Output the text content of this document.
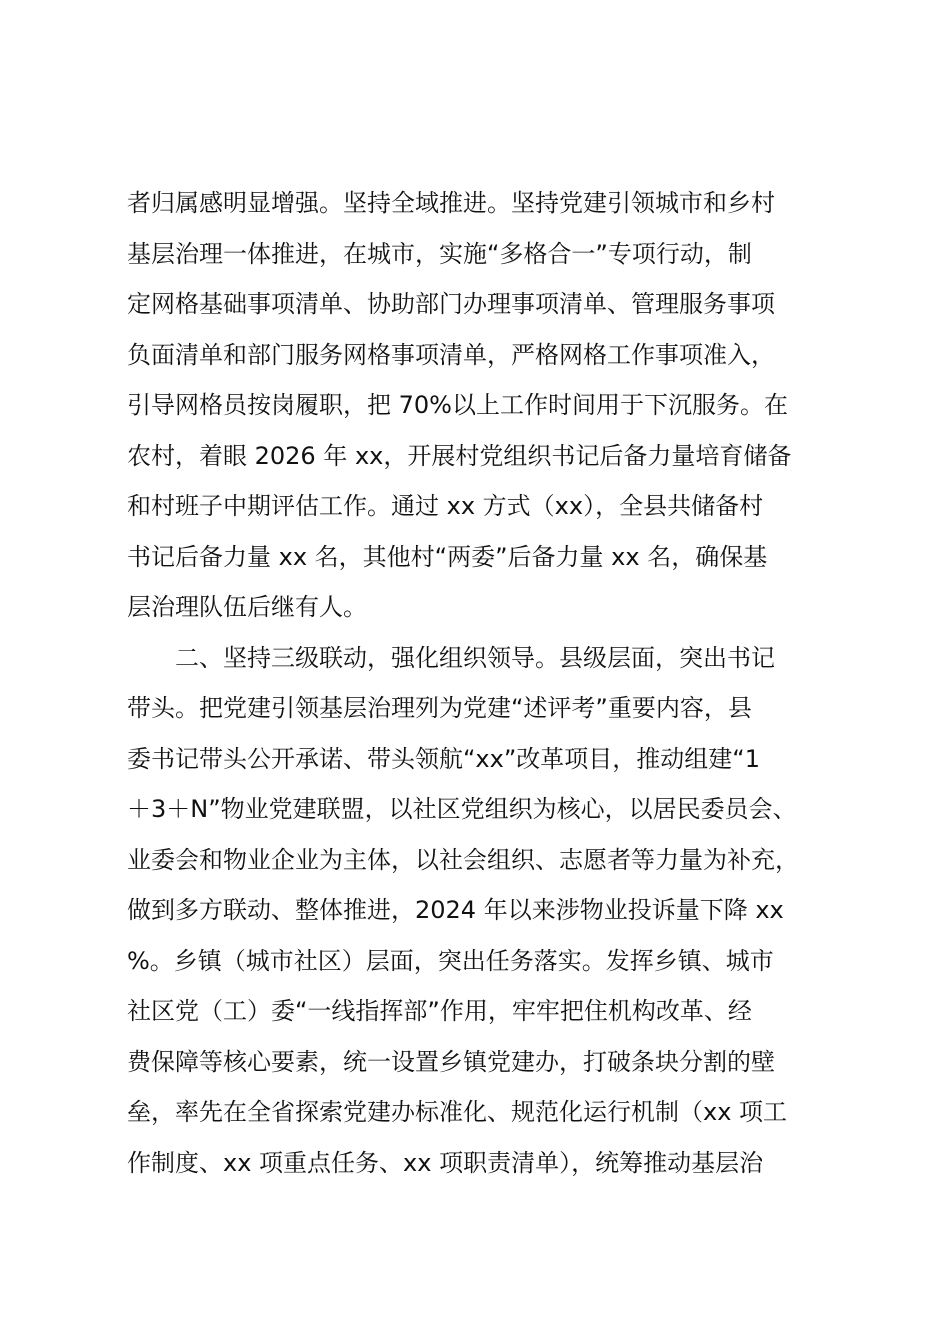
者归属感明显增强。坚持全域推进。坚持党建引领城市和乡村
基层治理一体推进，在城市，实施“多格合一”专项行动，制
定网格基础事项清单、协助部门办理事项清单、管理服务事项
负面清单和部门服务网格事项清单，严格网格工作事项准入，
引导网格员按岗履职，把 70%以上工作时间用于下沉服务。在
农村，着眼 2026 年 xx，开展村党组织书记后备力量培育储备
和村班子中期评估工作。通过 xx 方式（xx），全县共储备村
书记后备力量 xx 名，其他村“两委”后备力量 xx 名，确保基
层治理队伍后继有人。
二、坚持三级联动，强化组织领导。县级层面，突出书记
带头。把党建引领基层治理列为党建“述评考”重要内容，县
委书记带头公开承诺、带头领航“xx”改革项目，推动组建“1
＋3＋N”物业党建联盟，以社区党组织为核心，以居民委员会、
业委会和物业企业为主体，以社会组织、志愿者等力量为补充，
做到多方联动、整体推进，2024 年以来涉物业投诉量下降 xx
%。乡镇（城市社区）层面，突出任务落实。发挥乡镇、城市
社区党（工）委“一线指挥部”作用，牢牢把住机构改革、经
费保障等核心要素，统一设置乡镇党建办，打破条块分割的壁
垒，率先在全省探索党建办标准化、规范化运行机制（xx 项工
作制度、xx 项重点任务、xx 项职责清单），统筹推动基层治
